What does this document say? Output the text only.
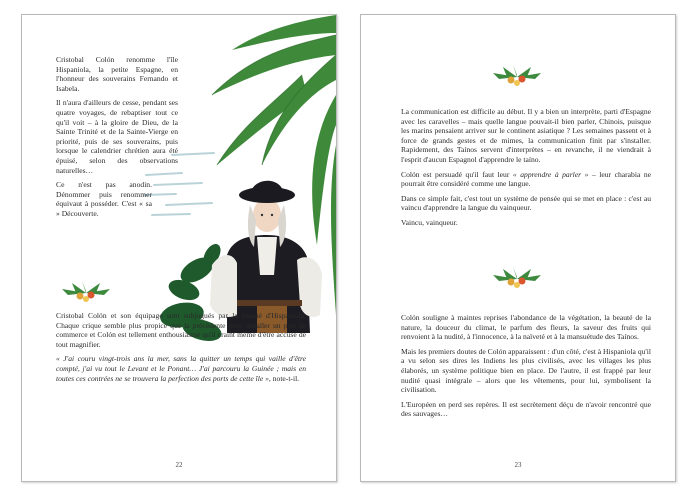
Cristobal Colón renomme l'île Hispaniola, la petite Espagne, en l'honneur des souverains Fernando et Isabela.

Il n'aura d'ailleurs de cesse, pendant ses quatre voyages, de rebaptiser tout ce qu'il voit – à la gloire de Dieu, de la Sainte Trinité et de la Sainte-Vierge en priorité, puis de ses souverains, puis lorsque le calendrier chrétien aura été épuisé, selon des observations naturelles…

Ce n'est pas anodin. Dénommer puis renommer équivaut à posséder. C'est « sa » Découverte.

Cristobal Colón et son équipage sont subjugués par la beauté d'Hispaniola. Chaque crique semble plus propice que la précédente pour installer un port de commerce et Colón est tellement enthousiasmé qu'il craint même d'être accusé de tout magnifier.

« J'ai couru vingt-trois ans la mer, sans la quitter un temps qui vaille d'être compté, j'ai vu tout le Levant et le Ponant… J'ai parcouru la Guinée ; mais en toutes ces contrées ne se trouvera la perfection des ports de cette île », note-t-il.

22

La communication est difficile au début. Il y a bien un interprète, parti d'Espagne avec les caravelles – mais quelle langue pouvait-il bien parler, Chinois, puisque les marins pensaient arriver sur le continent asiatique ? Les semaines passent et à force de grands gestes et de mimes, la communication finit par s'installer. Rapidement, des Taínos servent d'interprètes – en revanche, il ne viendrait à l'esprit d'aucun Espagnol d'apprendre le taíno.

Colón est persuadé qu'il faut leur « apprendre à parler » – leur charabia ne pourrait être considéré comme une langue.

Dans ce simple fait, c'est tout un système de pensée qui se met en place : c'est au vaincu d'apprendre la langue du vainqueur.

Vaincu, vainqueur.

Colón souligne à maintes reprises l'abondance de la végétation, la beauté de la nature, la douceur du climat, le parfum des fleurs, la saveur des fruits qui renvoient à la nudité, à l'innocence, à la naïveté et à la mansuétude des Taínos.

Mais les premiers doutes de Colón apparaissent : d'un côté, c'est à Hispaniola qu'il a vu selon ses dires les Indiens les plus civilisés, avec les villages les plus élaborés, un système politique bien en place. De l'autre, il est frappé par leur nudité quasi intégrale – alors que les vêtements, pour lui, symbolisent la civilisation.

L'Européen en perd ses repères. Il est secrètement déçu de n'avoir rencontré que des sauvages…

23
